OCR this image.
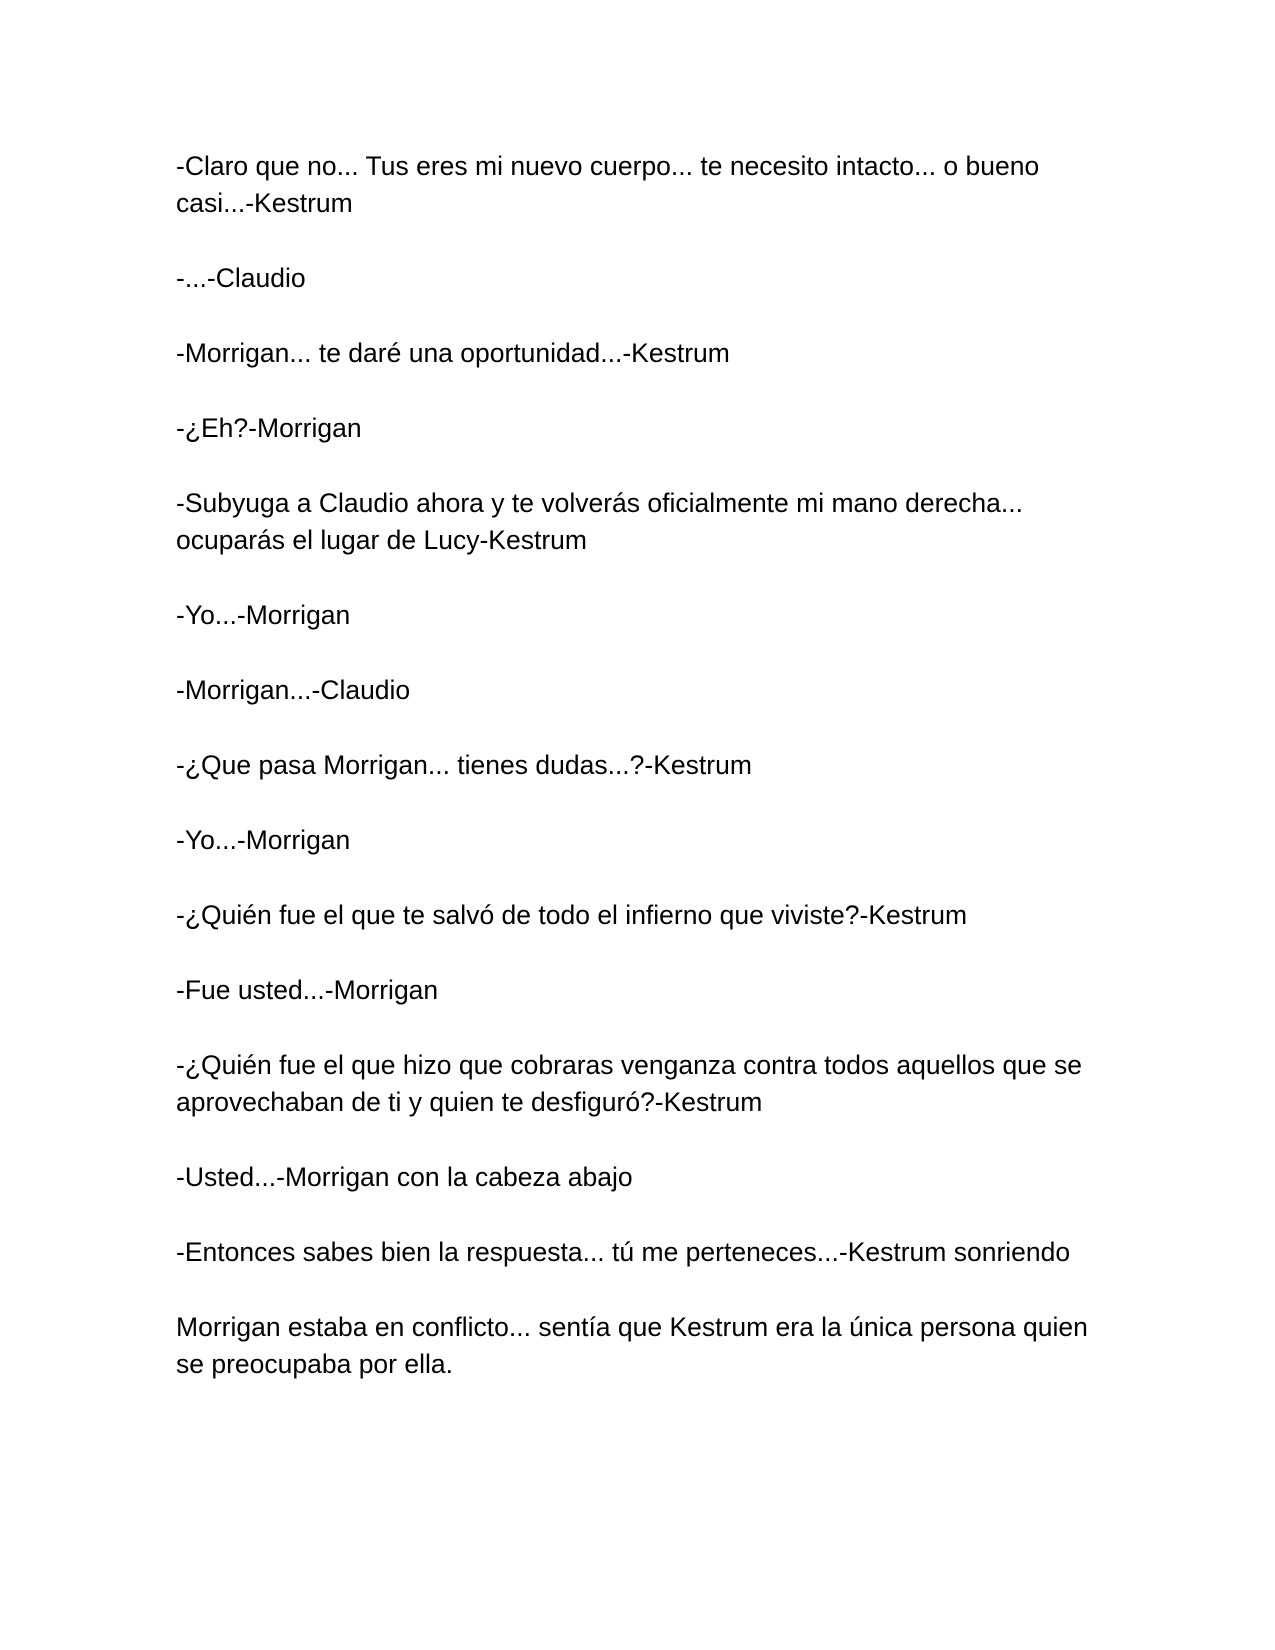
-Claro que no... Tus eres mi nuevo cuerpo... te necesito intacto... o bueno casi...-Kestrum

-...-Claudio

-Morrigan... te daré una oportunidad...-Kestrum

-¿Eh?-Morrigan

-Subyuga a Claudio ahora y te volverás oficialmente mi mano derecha... ocuparás el lugar de Lucy-Kestrum

-Yo...-Morrigan

-Morrigan...-Claudio

-¿Que pasa Morrigan... tienes dudas...?-Kestrum

-Yo...-Morrigan

-¿Quién fue el que te salvó de todo el infierno que viviste?-Kestrum

-Fue usted...-Morrigan

-¿Quién fue el que hizo que cobraras venganza contra todos aquellos que se aprovechaban de ti y quien te desfiguró?-Kestrum

-Usted...-Morrigan con la cabeza abajo

-Entonces sabes bien la respuesta... tú me perteneces...-Kestrum sonriendo

Morrigan estaba en conflicto... sentía que Kestrum era la única persona quien se preocupaba por ella.
